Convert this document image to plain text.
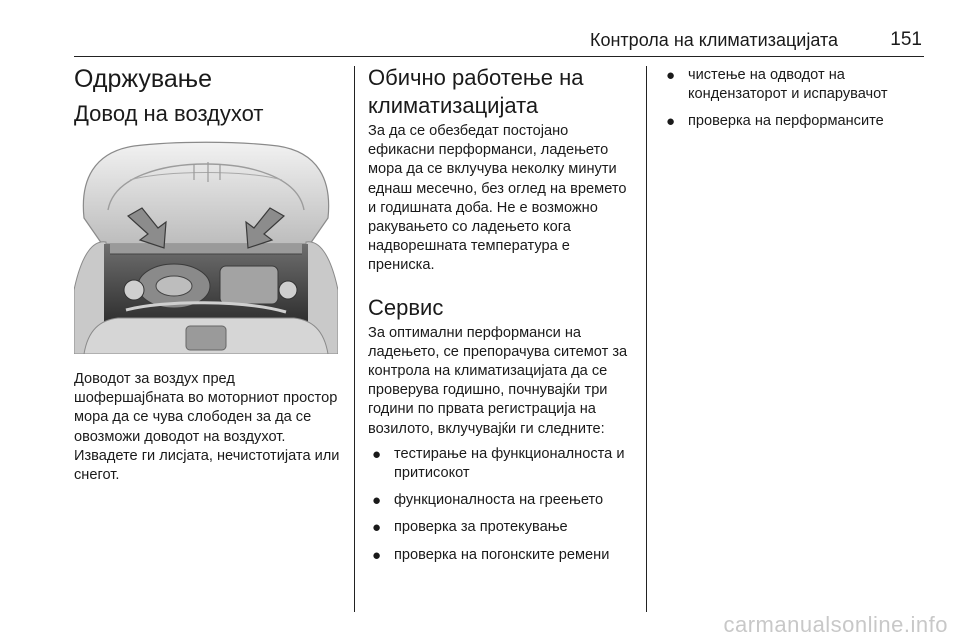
Контрола на климатизацијата	151
Одржување
Довод на воздухот

Доводот за воздух пред шофершајбната во моторниот простор мора да се чува слободен за да се овозможи доводот на воздухот. Извадете ги лисјата, нечистотијата или снегот.

Обично работење на климатизацијата

За да се обезбедат постојано ефикасни перформанси, ладењето мора да се вклучува неколку минути еднаш месечно, без оглед на времето и годишната доба. Не е возможно ракувањето со ладењето кога надворешната температура е прениска.

Сервис

За оптимални перформанси на ладењето, се препорачува ситемот за контрола на климатизацијата да се проверува годишно, почнувајќи три години по првата регистрација на возилото, вклучувајќи ги следните:

● тестирање на функционалноста и притисокот
● функционалноста на греењето
● проверка за протекување
● проверка на погонските ремени
● чистење на одводот на кондензаторот и испарувачот
● проверка на перформансите
carmanualsonline.info
